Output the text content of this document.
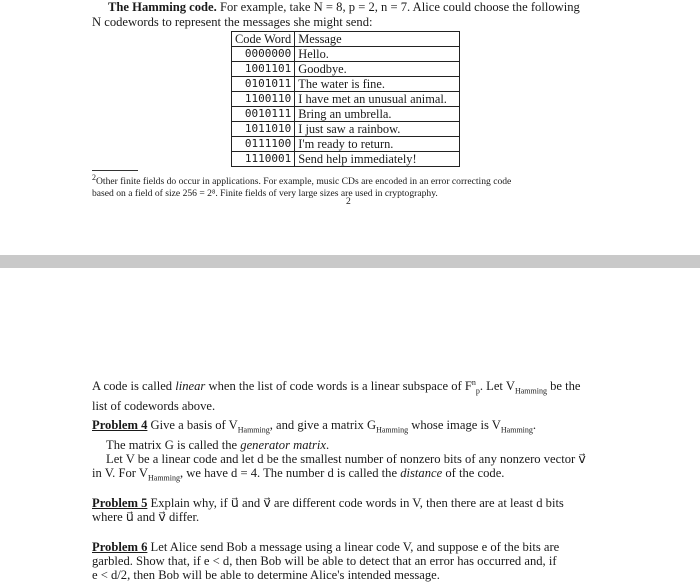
The Hamming code. For example, take N = 8, p = 2, n = 7. Alice could choose the following
N codewords to represent the messages she might send:
Code Word	Message
0000000	Hello.
1001101	Goodbye.
0101011	The water is fine.
1100110	I have met an unusual animal.
0010111	Bring an umbrella.
1011010	I just saw a rainbow.
0111100	I'm ready to return.
1110001	Send help immediately!
$^2$Other finite fields do occur in applications. For example, music CDs are encoded in an error correcting code
based on a field of size 256 = 2⁸. Finite fields of very large sizes are used in cryptography.
2
A code is called linear when the list of code words is a linear subspace of $F^n_p$. Let $V_{Hamming}$ be the
list of codewords above.
Problem 4 Give a basis of $V_{Hamming}$, and give a matrix $G_{Hamming}$ whose image is $V_{Hamming}$.
The matrix G is called the generator matrix.
Let V be a linear code and let d be the smallest number of nonzero bits of any nonzero vector v⃗
in V. For $V_{Hamming}$, we have d = 4. The number d is called the distance of the code.
Problem 5 Explain why, if u⃗ and v⃗ are different code words in V, then there are at least d bits
where u⃗ and v⃗ differ.
Problem 6 Let Alice send Bob a message using a linear code V, and suppose e of the bits are
garbled. Show that, if e < d, then Bob will be able to detect that an error has occurred and, if
e < d/2, then Bob will be able to determine Alice's intended message.
